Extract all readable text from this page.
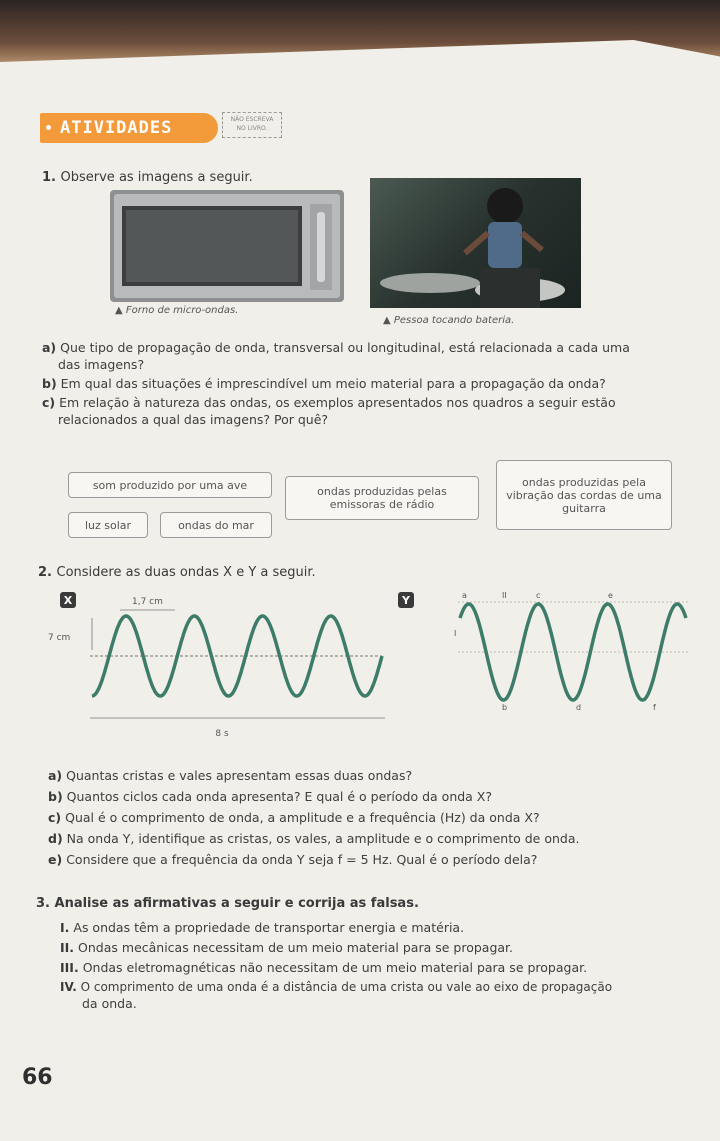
ATIVIDADES	NÃO ESCREVA NO LIVRO.
1. Observe as imagens a seguir.
▲ Forno de micro-ondas.
▲ Pessoa tocando bateria.
a) Que tipo de propagação de onda, transversal ou longitudinal, está relacionada a cada uma
das imagens?
b) Em qual das situações é imprescindível um meio material para a propagação da onda?
c) Em relação à natureza das ondas, os exemplos apresentados nos quadros a seguir estão
relacionados a qual das imagens? Por quê?
som produzido por uma ave	ondas produzidas pelas emissoras de rádio
ondas produzidas pela vibração das cordas de uma guitarra
luz solar	ondas do mar
2. Considere as duas ondas X e Y a seguir.
X	1,7 cm
7 cm
8 s
Y	a	II	c	e
I
b	d	f
a) Quantas cristas e vales apresentam essas duas ondas?
b) Quantos ciclos cada onda apresenta? E qual é o período da onda X?
c) Qual é o comprimento de onda, a amplitude e a frequência (Hz) da onda X?
d) Na onda Y, identifique as cristas, os vales, a amplitude e o comprimento de onda.
e) Considere que a frequência da onda Y seja f = 5 Hz. Qual é o período dela?
3. Analise as afirmativas a seguir e corrija as falsas.
I. As ondas têm a propriedade de transportar energia e matéria.
II. Ondas mecânicas necessitam de um meio material para se propagar.
III. Ondas eletromagnéticas não necessitam de um meio material para se propagar.
IV. O comprimento de uma onda é a distância de uma crista ou vale ao eixo de propagação
da onda.
66
